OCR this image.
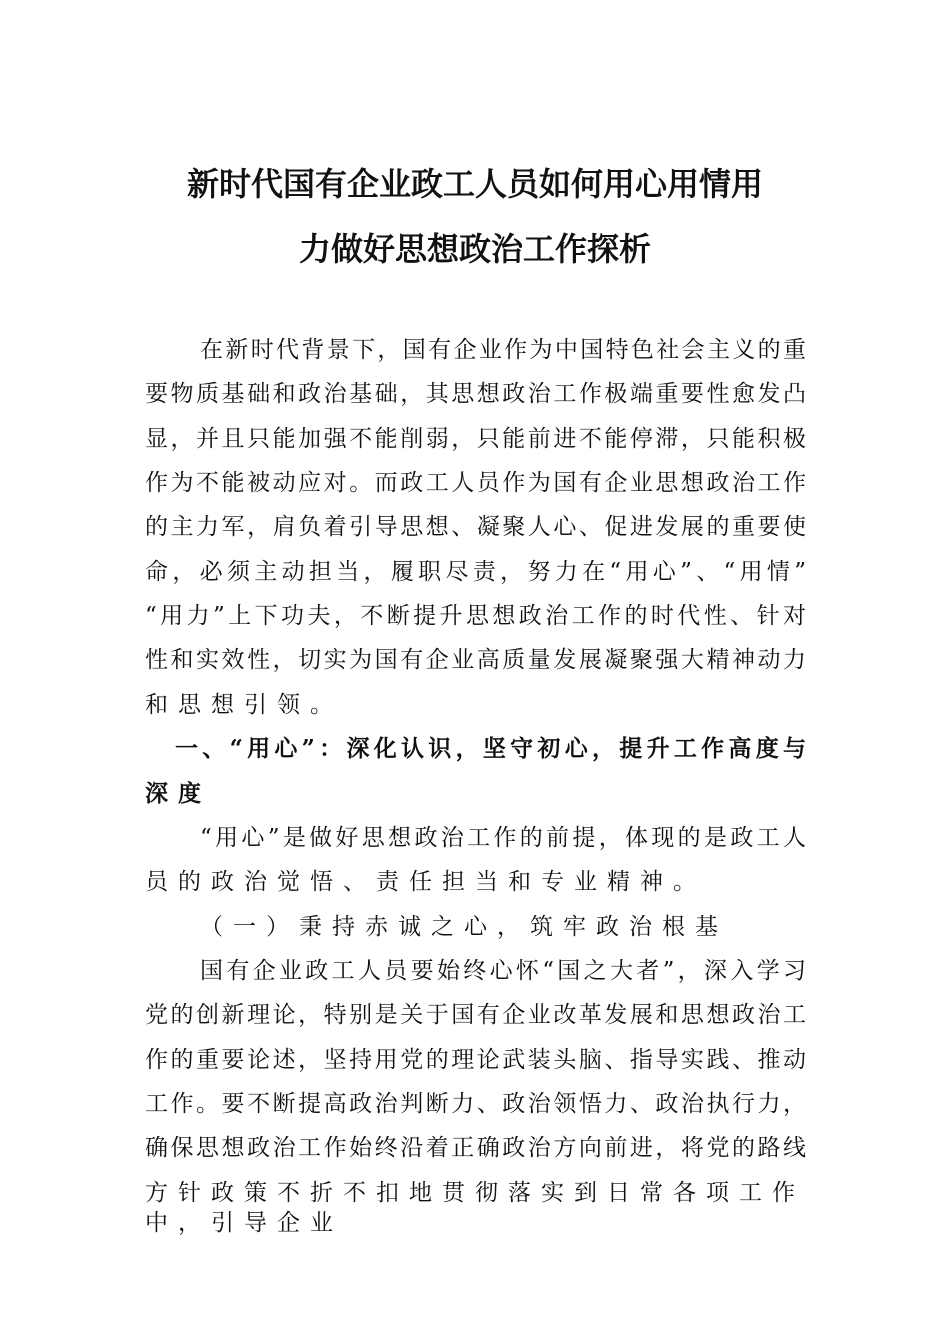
新时代国有企业政工人员如何用心用情用
力做好思想政治工作探析
在新时代背景下，国有企业作为中国特色社会主义的重
要物质基础和政治基础，其思想政治工作极端重要性愈发凸
显，并且只能加强不能削弱，只能前进不能停滞，只能积极
作为不能被动应对。而政工人员作为国有企业思想政治工作
的主力军，肩负着引导思想、凝聚人心、促进发展的重要使
命，必须主动担当，履职尽责，努力在“用心”、“用情”
“用力”上下功夫，不断提升思想政治工作的时代性、针对
性和实效性，切实为国有企业高质量发展凝聚强大精神动力
和思想引领。
一、“用心”：深化认识，坚守初心，提升工作高度与
深度
“用心”是做好思想政治工作的前提，体现的是政工人
员的政治觉悟、责任担当和专业精神。
（一）秉持赤诚之心，筑牢政治根基
国有企业政工人员要始终心怀“国之大者”，深入学习
党的创新理论，特别是关于国有企业改革发展和思想政治工
作的重要论述，坚持用党的理论武装头脑、指导实践、推动
工作。要不断提高政治判断力、政治领悟力、政治执行力，
确保思想政治工作始终沿着正确政治方向前进，将党的路线
方针政策不折不扣地贯彻落实到日常各项工作中，引导企业
